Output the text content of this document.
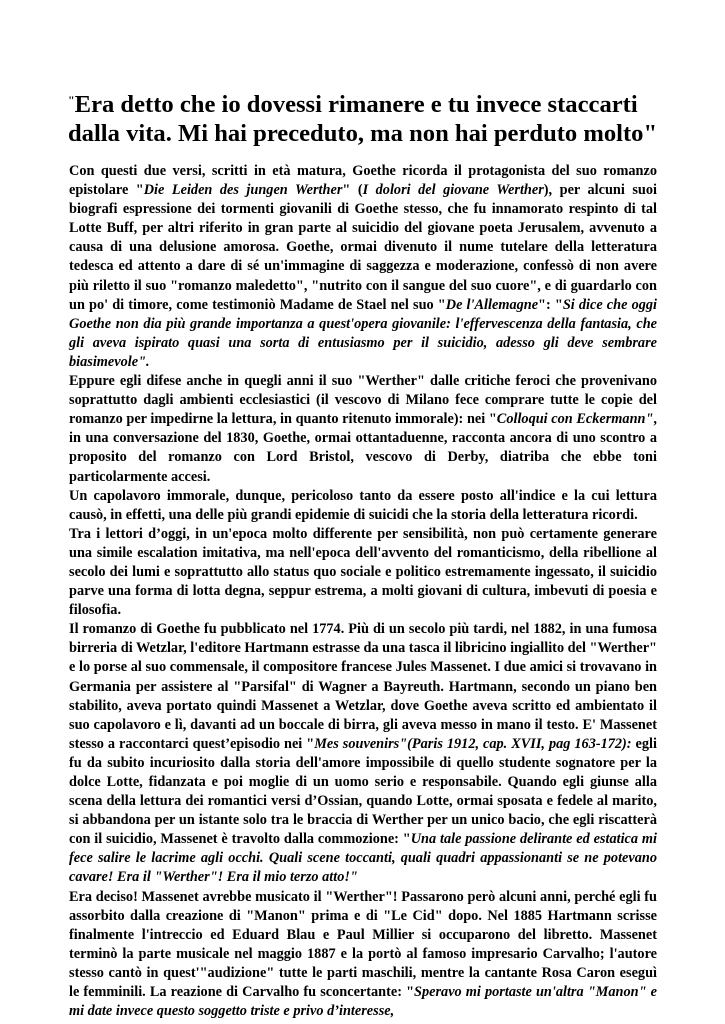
"Era detto che io dovessi rimanere e tu invece staccarti dalla vita. Mi hai preceduto, ma non hai perduto molto"

Con questi due versi, scritti in età matura, Goethe ricorda il protagonista del suo romanzo epistolare "Die Leiden des jungen Werther" (I dolori del giovane Werther), per alcuni suoi biografi espressione dei tormenti giovanili di Goethe stesso, che fu innamorato respinto di tal Lotte Buff, per altri riferito in gran parte al suicidio del giovane poeta Jerusalem, avvenuto a causa di una delusione amorosa. Goethe, ormai divenuto il nume tutelare della letteratura tedesca ed attento a dare di sé un'immagine di saggezza e moderazione, confessò di non avere più riletto il suo "romanzo maledetto", "nutrito con il sangue del suo cuore", e di guardarlo con un po' di timore, come testimoniò Madame de Stael nel suo "De l'Allemagne": "Si dice che oggi Goethe non dia più grande importanza a quest'opera giovanile: l'effervescenza della fantasia, che gli aveva ispirato quasi una sorta di entusiasmo per il suicidio, adesso gli deve sembrare biasimevole".

Eppure egli difese anche in quegli anni il suo "Werther" dalle critiche feroci che provenivano soprattutto dagli ambienti ecclesiastici (il vescovo di Milano fece comprare tutte le copie del romanzo per impedirne la lettura, in quanto ritenuto immorale): nei "Colloqui con Eckermann", in una conversazione del 1830, Goethe, ormai ottantaduenne, racconta ancora di uno scontro a proposito del romanzo con Lord Bristol, vescovo di Derby, diatriba che ebbe toni particolarmente accesi.

Un capolavoro immorale, dunque, pericoloso tanto da essere posto all'indice e la cui lettura causò, in effetti, una delle più grandi epidemie di suicidi che la storia della letteratura ricordi.

Tra i lettori d’oggi, in un'epoca molto differente per sensibilità, non può certamente generare una simile escalation imitativa, ma nell'epoca dell'avvento del romanticismo, della ribellione al secolo dei lumi e soprattutto allo status quo sociale e politico estremamente ingessato, il suicidio parve una forma di lotta degna, seppur estrema, a molti giovani di cultura, imbevuti di poesia e filosofia.

Il romanzo di Goethe fu pubblicato nel 1774. Più di un secolo più tardi, nel 1882, in una fumosa birreria di Wetzlar, l'editore Hartmann estrasse da una tasca il libricino ingiallito del "Werther" e lo porse al suo commensale, il compositore francese Jules Massenet. I due amici si trovavano in Germania per assistere al "Parsifal" di Wagner a Bayreuth. Hartmann, secondo un piano ben stabilito, aveva portato quindi Massenet a Wetzlar, dove Goethe aveva scritto ed ambientato il suo capolavoro e lì, davanti ad un boccale di birra, gli aveva messo in mano il testo. E' Massenet stesso a raccontarci quest’episodio nei "Mes souvenirs"(Paris 1912, cap. XVII, pag 163-172): egli fu da subito incuriosito dalla storia dell'amore impossibile di quello studente sognatore per la dolce Lotte, fidanzata e poi moglie di un uomo serio e responsabile. Quando egli giunse alla scena della lettura dei romantici versi d’Ossian, quando Lotte, ormai sposata e fedele al marito, si abbandona per un istante solo tra le braccia di Werther per un unico bacio, che egli riscatterà con il suicidio, Massenet è travolto dalla commozione: "Una tale passione delirante ed estatica mi fece salire le lacrime agli occhi. Quali scene toccanti, quali quadri appassionanti se ne potevano cavare! Era il "Werther"! Era il mio terzo atto!"

Era deciso! Massenet avrebbe musicato il "Werther"! Passarono però alcuni anni, perché egli fu assorbito dalla creazione di "Manon" prima e di "Le Cid" dopo. Nel 1885 Hartmann scrisse finalmente l'intreccio ed Eduard Blau e Paul Millier si occuparono del libretto. Massenet terminò la parte musicale nel maggio 1887 e la portò al famoso impresario Carvalho; l'autore stesso cantò in quest'"audizione" tutte le parti maschili, mentre la cantante Rosa Caron eseguì le femminili. La reazione di Carvalho fu sconcertante: "Speravo mi portaste un'altra "Manon" e mi date invece questo soggetto triste e privo d’interesse,
